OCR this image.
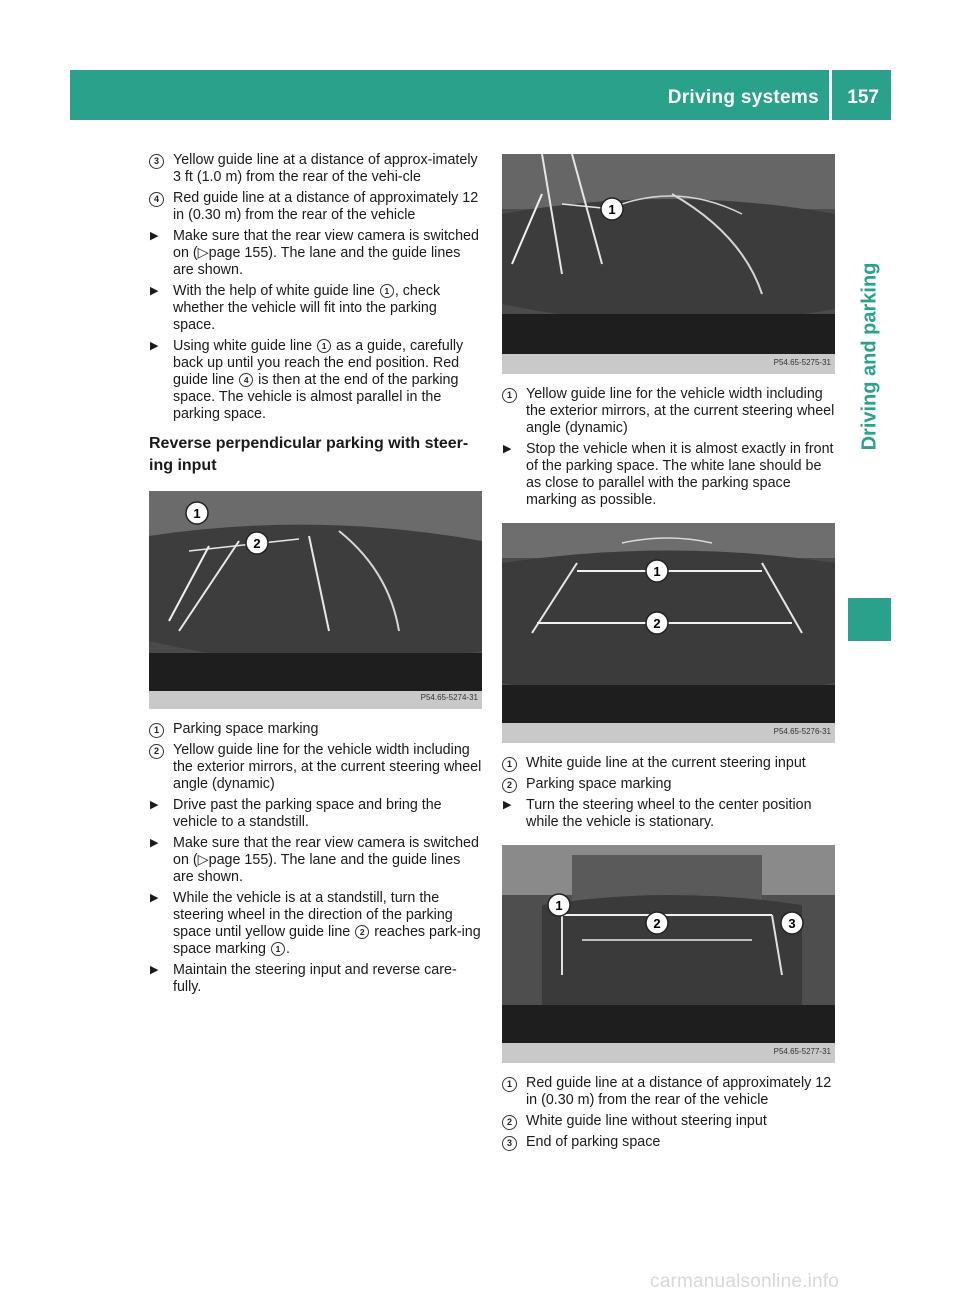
Driving systems 157
Driving and parking
3 Yellow guide line at a distance of approx-imately 3 ft (1.0 m) from the rear of the vehi-cle
4 Red guide line at a distance of approximately 12 in (0.30 m) from the rear of the vehicle
▶ Make sure that the rear view camera is switched on (▷page 155). The lane and the guide lines are shown.
▶ With the help of white guide line 1 , check whether the vehicle will fit into the parking space.
▶ Using white guide line 1 as a guide, carefully back up until you reach the end position. Red guide line 4 is then at the end of the parking space. The vehicle is almost parallel in the parking space.
Reverse perpendicular parking with steer-ing input
1
2
P54.65-5274-31
1 Parking space marking
2 Yellow guide line for the vehicle width including the exterior mirrors, at the current steering wheel angle (dynamic)
▶ Drive past the parking space and bring the vehicle to a standstill.
▶ Make sure that the rear view camera is switched on (▷page 155). The lane and the guide lines are shown.
▶ While the vehicle is at a standstill, turn the steering wheel in the direction of the parking space until yellow guide line 2 reaches park-ing space marking 1 .
▶ Maintain the steering input and reverse care-fully.
1
P54.65-5275-31
1 Yellow guide line for the vehicle width including the exterior mirrors, at the current steering wheel angle (dynamic)
▶ Stop the vehicle when it is almost exactly in front of the parking space. The white lane should be as close to parallel with the parking space marking as possible.
1
2
P54.65-5276-31
1 White guide line at the current steering input
2 Parking space marking
▶ Turn the steering wheel to the center position while the vehicle is stationary.
1
2	3
P54.65-5277-31
1 Red guide line at a distance of approximately 12 in (0.30 m) from the rear of the vehicle
2 White guide line without steering input
3 End of parking space
carmanualsonline.info
